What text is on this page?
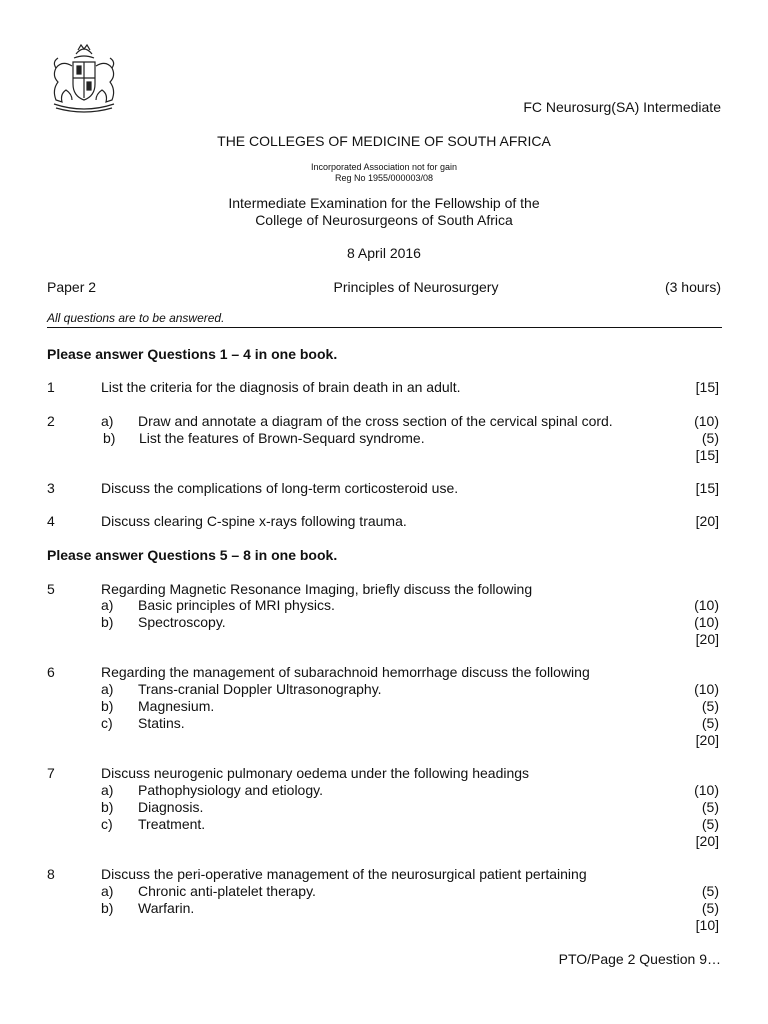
FC Neurosurg(SA) Intermediate
THE COLLEGES OF MEDICINE OF SOUTH AFRICA
Incorporated Association not for gain
Reg No 1955/000003/08
Intermediate Examination for the Fellowship of the
College of Neurosurgeons of South Africa
8 April 2016
Paper 2	Principles of Neurosurgery	(3 hours)
All questions are to be answered.
Please answer Questions 1 – 4 in one book.
1	List the criteria for the diagnosis of brain death in an adult.	[15]
2	a) Draw and annotate a diagram of the cross section of the cervical spinal cord.	(10)
b) List the features of Brown-Sequard syndrome.	(5)
[15]
3	Discuss the complications of long-term corticosteroid use.	[15]
4	Discuss clearing C-spine x-rays following trauma.	[20]
Please answer Questions 5 – 8 in one book.
5	Regarding Magnetic Resonance Imaging, briefly discuss the following
a) Basic principles of MRI physics.	(10)
b) Spectroscopy.	(10)
[20]
6	Regarding the management of subarachnoid hemorrhage discuss the following
a) Trans-cranial Doppler Ultrasonography.	(10)
b) Magnesium.	(5)
c) Statins.	(5)
[20]
7	Discuss neurogenic pulmonary oedema under the following headings
a) Pathophysiology and etiology.	(10)
b) Diagnosis.	(5)
c) Treatment.	(5)
[20]
8	Discuss the peri-operative management of the neurosurgical patient pertaining
a) Chronic anti-platelet therapy.	(5)
b) Warfarin.	(5)
[10]
PTO/Page 2 Question 9…
